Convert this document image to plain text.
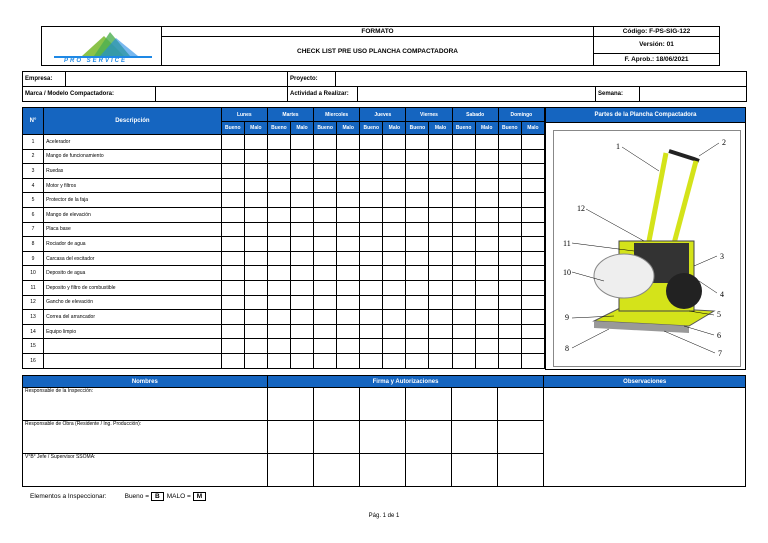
PRO SERVICE	FORMATO	Código: F-PS-SIG-122
	CHECK LIST PRE USO PLANCHA COMPACTADORA	Versión: 01
		F. Aprob.: 18/06/2021
Empresa:		Proyecto:				

Marca / Modelo Compactadora:		Actividad a Realizar:			Semana:	
N°	Descripción	Lunes		Martes		Miercoles		Jueves		Viernes		Sabado		Domingo	
		Bueno	Malo	Bueno	Malo	Bueno	Malo	Bueno	Malo	Bueno	Malo	Bueno	Malo	Bueno	Malo
1	Acelerador														
2	Mango de funcionamiento														
3	Ruedas														
4	Motor y filtros														
5	Protector de la faja														
6	Mango de elevación														
7	Placa base														
8	Rociador de agua														
9	Carcasa del excitador														
10	Deposito de agua														
11	Deposito y filtro de combustible														
12	Gancho de elevación														
13	Correa del arrancador														
14	Equipo limpio														
15															
16															
Partes de la Plancha Compactadora
1	2
3
4
5
6
7
8
9
10
11
12
Nombres	Firma y Autorizaciones						Observaciones
Responsable de la Inspección:							
Responsable de Obra (Residente / Ing. Producción):							
V°B° Jefe / Supervisor SSOMA:							
Elementos a Inspeccionar:	Bueno = B	MALO = M
Pág. 1 de 1
